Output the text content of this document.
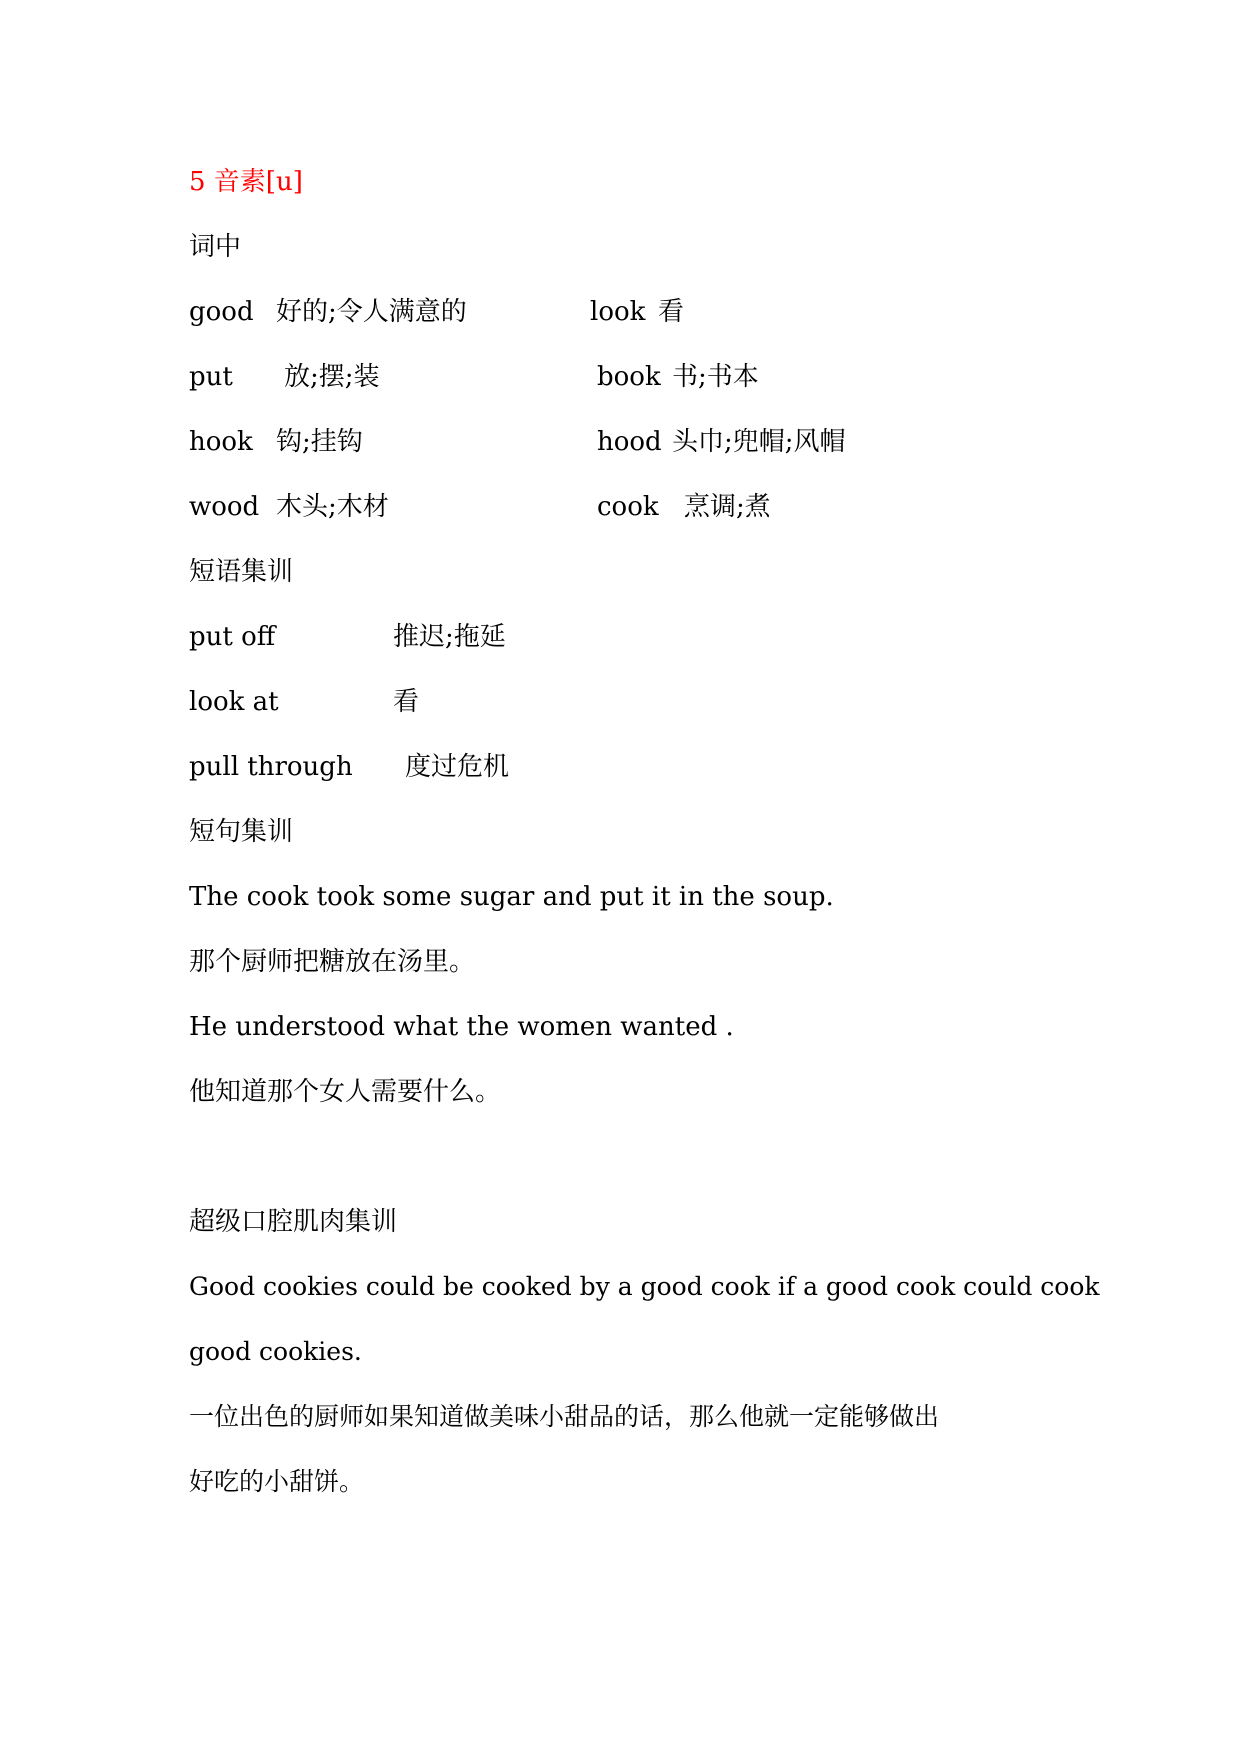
5 音素[u]
词中
good 好的;令人满意的	look 看
put 放;摆;装	book 书;书本
hook 钩;挂钩	hood 头巾;兜帽;风帽
wood 木头;木材	cook 烹调;煮
短语集训
put off	推迟;拖延
look at	看
pull through 度过危机
短句集训
The cook took some sugar and put it in the soup.
那个厨师把糖放在汤里。
He understood what the women wanted .
他知道那个女人需要什么。
超级口腔肌肉集训
Good cookies could be cooked by a good cook if a good cook could cook
good cookies.
一位出色的厨师如果知道做美味小甜品的话，那么他就一定能够做出
好吃的小甜饼。
